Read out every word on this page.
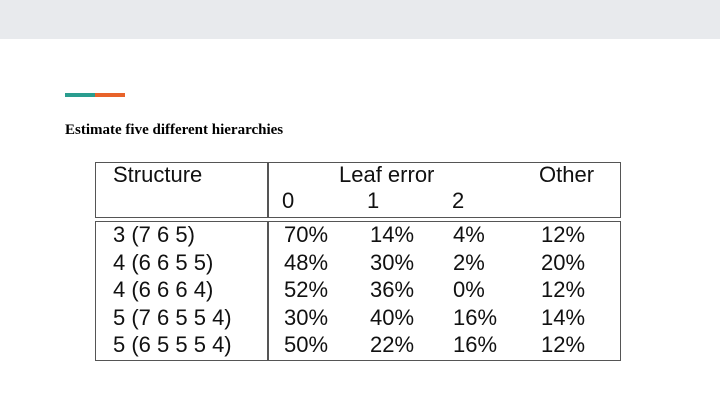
Estimate five different hierarchies
Structure	Leaf error	Other
0	1	2
3 (7 6 5)	70% 14% 4%	12%
4 (6 6 5 5)	48% 30% 2%	20%
4 (6 6 6 4)	52% 36% 0%	12%
5 (7 6 5 5 4) 30% 40% 16% 14%
5 (6 5 5 5 4) 50% 22% 16% 12%
